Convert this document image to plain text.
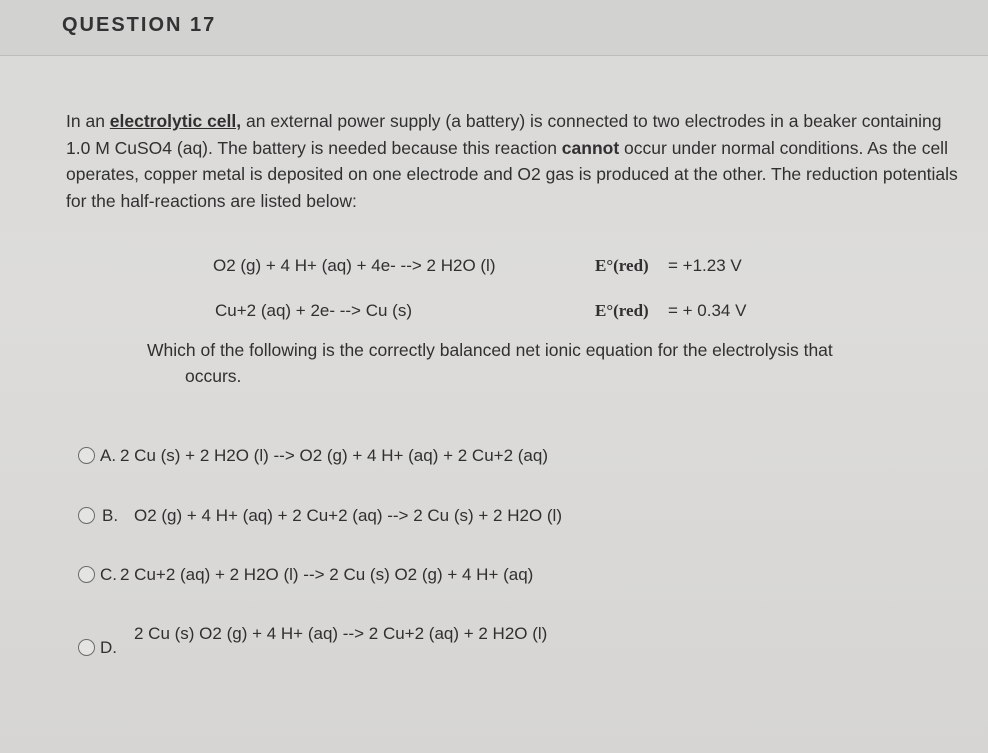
QUESTION 17
In an electrolytic cell, an external power supply (a battery) is connected to two electrodes in a beaker containing 1.0 M CuSO4 (aq). The battery is needed because this reaction cannot occur under normal conditions. As the cell operates, copper metal is deposited on one electrode and O2 gas is produced at the other. The reduction potentials for the half-reactions are listed below:
O2 (g) + 4 H+ (aq) + 4e- --> 2 H2O (l)	E°(red) = +1.23 V
Cu+2 (aq) + 2e- --> Cu (s)	E°(red) = + 0.34 V
Which of the following is the correctly balanced net ionic equation for the electrolysis that
occurs.
A. 2 Cu (s) + 2 H2O (l) --> O2 (g) + 4 H+ (aq) + 2 Cu+2 (aq)
B. O2 (g) + 4 H+ (aq) + 2 Cu+2 (aq) --> 2 Cu (s) + 2 H2O (l)
C. 2 Cu+2 (aq) + 2 H2O (l) --> 2 Cu (s) O2 (g) + 4 H+ (aq)
D.
2 Cu (s) O2 (g) + 4 H+ (aq) --> 2 Cu+2 (aq) + 2 H2O (l)
